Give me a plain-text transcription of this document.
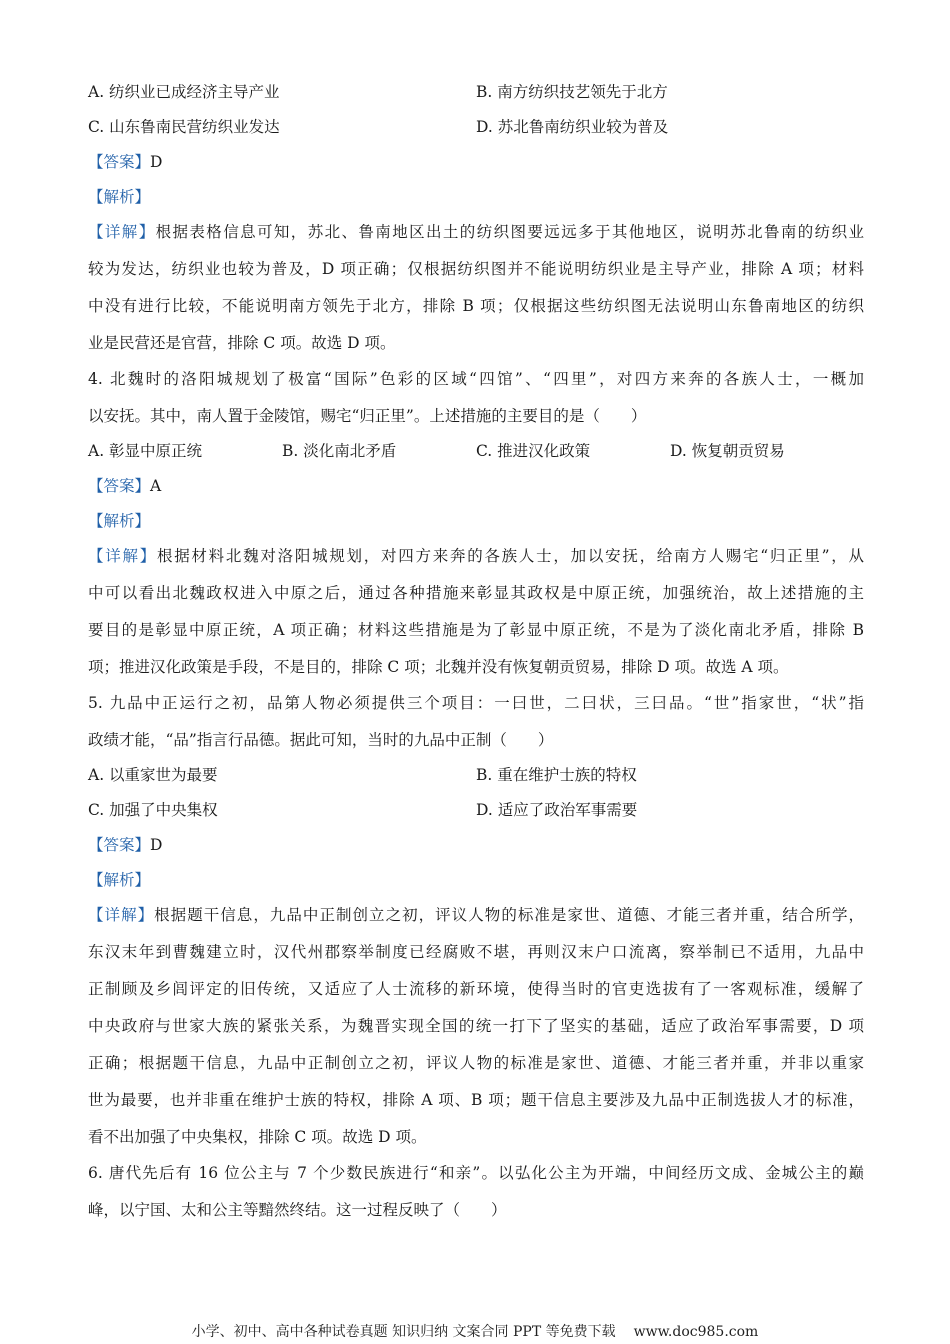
A. 纺织业已成经济主导产业	B. 南方纺织技艺领先于北方
C. 山东鲁南民营纺织业发达	D. 苏北鲁南纺织业较为普及
【答案】D
【解析】
【详解】根据表格信息可知，苏北、鲁南地区出土的纺织图要远远多于其他地区，说明苏北鲁南的纺织业
较为发达，纺织业也较为普及，D 项正确；仅根据纺织图并不能说明纺织业是主导产业，排除 A 项；材料
中没有进行比较，不能说明南方领先于北方，排除 B 项；仅根据这些纺织图无法说明山东鲁南地区的纺织
业是民营还是官营，排除 C 项。故选 D 项。
4. 北魏时的洛阳城规划了极富“国际”色彩的区域“四馆”、“四里”，对四方来奔的各族人士，一概加
以安抚。其中，南人置于金陵馆，赐宅“归正里”。上述措施的主要目的是（　　）
A. 彰显中原正统	B. 淡化南北矛盾	C. 推进汉化政策	D. 恢复朝贡贸易
【答案】A
【解析】
【详解】根据材料北魏对洛阳城规划，对四方来奔的各族人士，加以安抚，给南方人赐宅“归正里”，从
中可以看出北魏政权进入中原之后，通过各种措施来彰显其政权是中原正统，加强统治，故上述措施的主
要目的是彰显中原正统，A 项正确；材料这些措施是为了彰显中原正统，不是为了淡化南北矛盾，排除 B
项；推进汉化政策是手段，不是目的，排除 C 项；北魏并没有恢复朝贡贸易，排除 D 项。故选 A 项。
5. 九品中正运行之初，品第人物必须提供三个项目：一曰世，二曰状，三曰品。“世”指家世，“状”指
政绩才能，“品”指言行品德。据此可知，当时的九品中正制（　　）
A. 以重家世为最要	B. 重在维护士族的特权
C. 加强了中央集权	D. 适应了政治军事需要
【答案】D
【解析】
【详解】根据题干信息，九品中正制创立之初，评议人物的标准是家世、道德、才能三者并重，结合所学，
东汉末年到曹魏建立时，汉代州郡察举制度已经腐败不堪，再则汉末户口流离，察举制已不适用，九品中
正制顾及乡闾评定的旧传统，又适应了人士流移的新环境，使得当时的官吏选拔有了一客观标准，缓解了
中央政府与世家大族的紧张关系，为魏晋实现全国的统一打下了坚实的基础，适应了政治军事需要，D 项
正确；根据题干信息，九品中正制创立之初，评议人物的标准是家世、道德、才能三者并重，并非以重家
世为最要，也并非重在维护士族的特权，排除 A 项、B 项；题干信息主要涉及九品中正制选拔人才的标准，
看不出加强了中央集权，排除 C 项。故选 D 项。
6. 唐代先后有 16 位公主与 7 个少数民族进行“和亲”。以弘化公主为开端，中间经历文成、金城公主的巅
峰，以宁国、太和公主等黯然终结。这一过程反映了（　　）
小学、初中、高中各种试卷真题 知识归纳 文案合同 PPT 等免费下载 www.doc985.com
